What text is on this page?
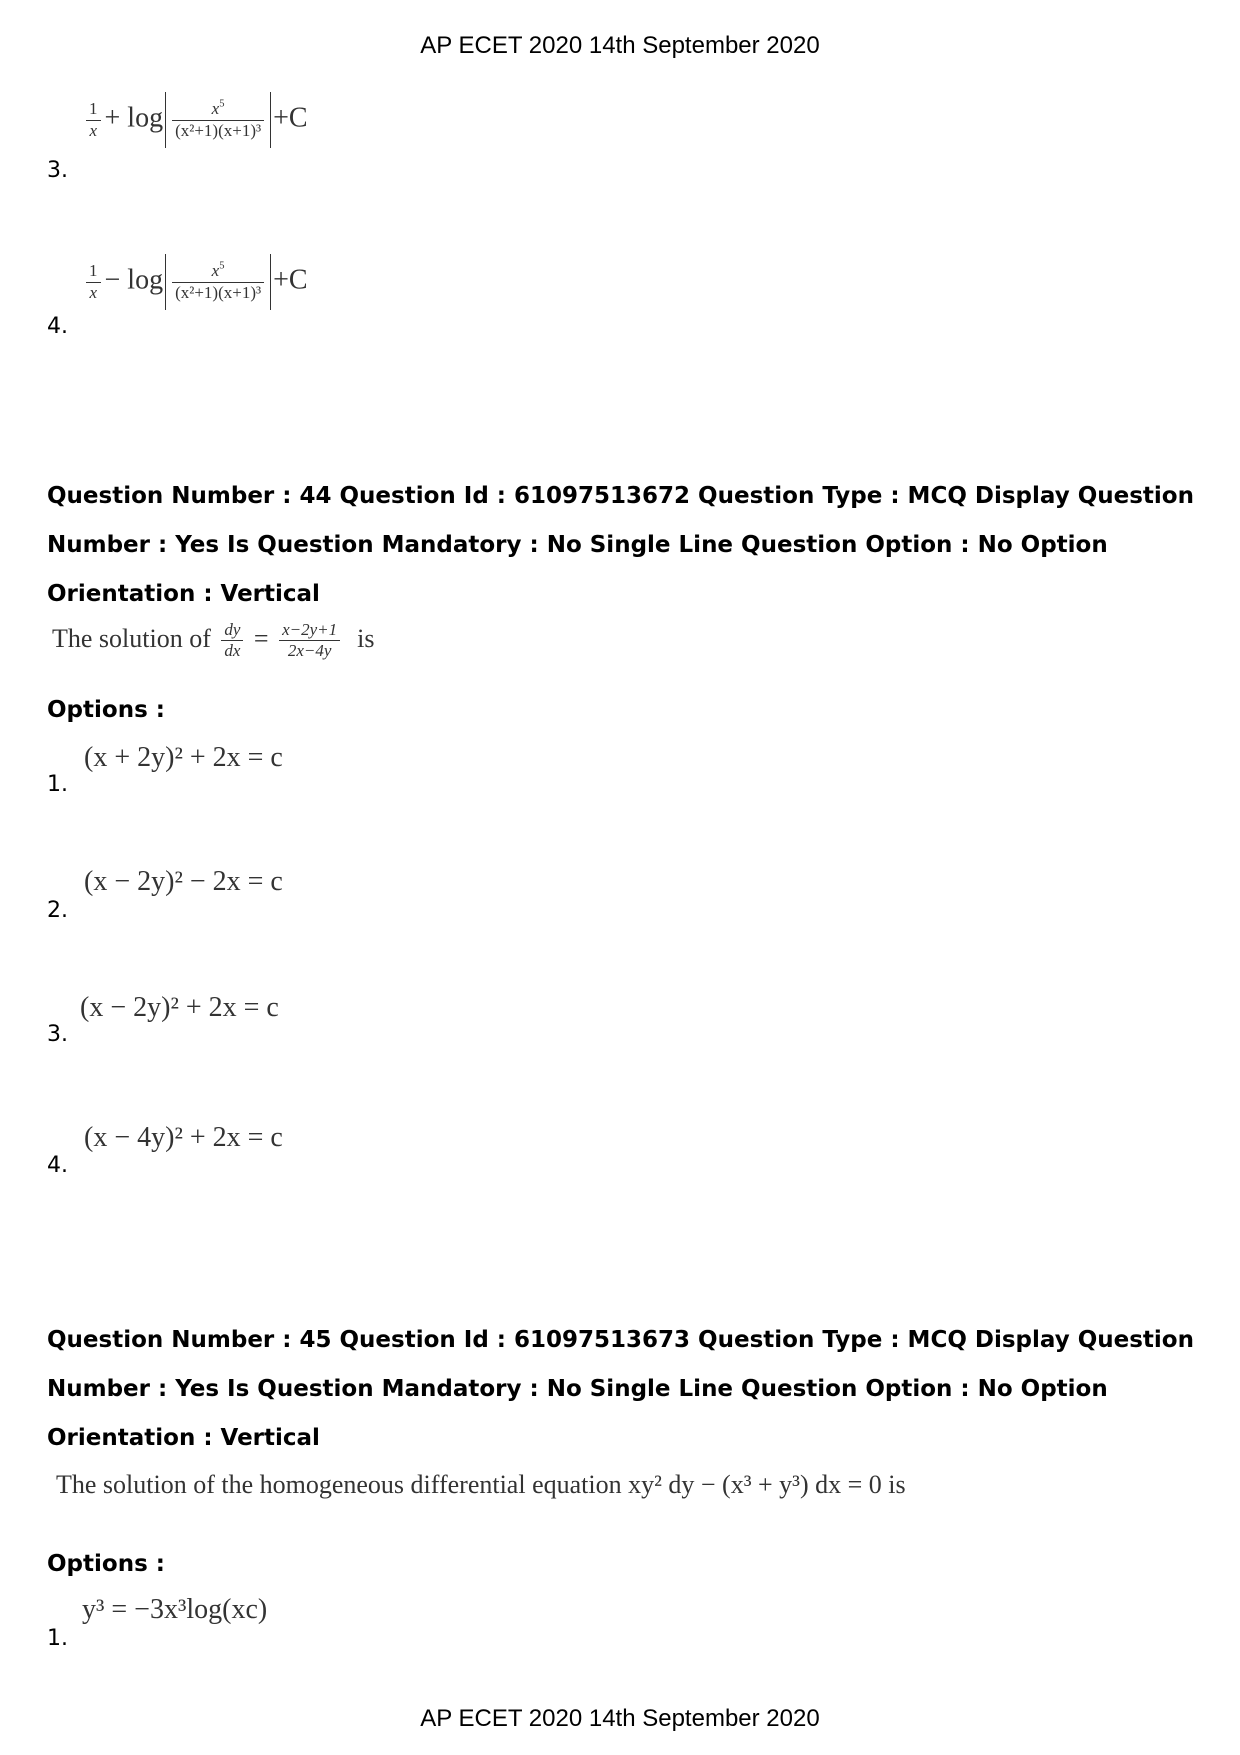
AP ECET 2020 14th September 2020
$\frac{1}{x} + \log \frac{x^5}{\text{(x²+1)(x+1)³}} +C$
3.
$\frac{1}{x} - \log \frac{x^5}{\text{(x²+1)(x+1)³}} +C$
4.
Question Number : 44 Question Id : 61097513672 Question Type : MCQ Display Question
Number : Yes Is Question Mandatory : No Single Line Question Option : No Option
Orientation : Vertical
The solution of $\frac{dy}{dx} = \frac{x-2y+1}{2x-4y}$ is
Options :
(x + 2y)² + 2x = c
1.
(x − 2y)² − 2x = c
2.
(x − 2y)² + 2x = c
3.
(x − 4y)² + 2x = c
4.
Question Number : 45 Question Id : 61097513673 Question Type : MCQ Display Question
Number : Yes Is Question Mandatory : No Single Line Question Option : No Option
Orientation : Vertical
The solution of the homogeneous differential equation xy² dy − (x³ + y³) dx = 0 is
Options :
y³ = −3x³log(xc)
1.
AP ECET 2020 14th September 2020
